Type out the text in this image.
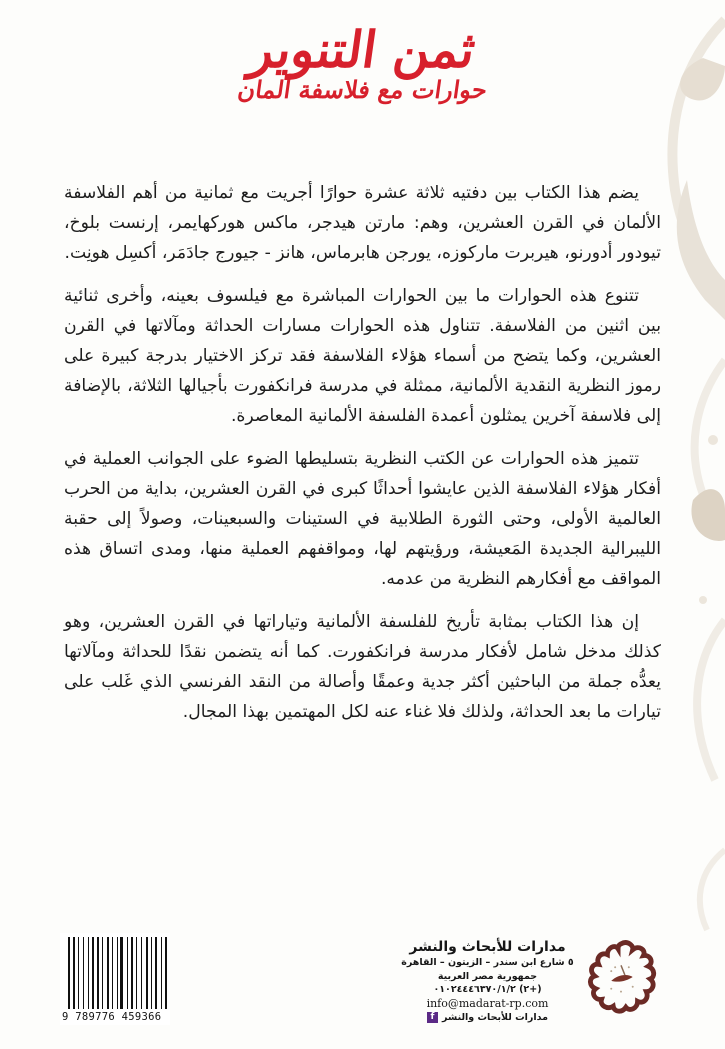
ثمن التنوير
حوارات مع فلاسفة ألمان

يضم هذا الكتاب بين دفتيه ثلاثة عشرة حوارًا أجريت مع ثمانية من أهم الفلاسفة الألمان في القرن العشرين، وهم: مارتن هيدجر، ماكس هوركهايمر، إرنست بلوخ، تيودور أدورنو، هيربرت ماركوزه، يورجن هابرماس، هانز - جيورج جادَمَر، أكسِل هونِت.

تتنوع هذه الحوارات ما بين الحوارات المباشرة مع فيلسوف بعينه، وأخرى ثنائية بين اثنين من الفلاسفة. تتناول هذه الحوارات مسارات الحداثة ومآلاتها في القرن العشرين، وكما يتضح من أسماء هؤلاء الفلاسفة فقد تركز الاختيار بدرجة كبيرة على رموز النظرية النقدية الألمانية، ممثلة في مدرسة فرانكفورت بأجيالها الثلاثة، بالإضافة إلى فلاسفة آخرين يمثلون أعمدة الفلسفة الألمانية المعاصرة.

تتميز هذه الحوارات عن الكتب النظرية بتسليطها الضوء على الجوانب العملية في أفكار هؤلاء الفلاسفة الذين عايشوا أحداثًا كبرى في القرن العشرين، بداية من الحرب العالمية الأولى، وحتى الثورة الطلابية في الستينات والسبعينات، وصولاً إلى حقبة الليبرالية الجديدة المَعيشة، ورؤيتهم لها، ومواقفهم العملية منها، ومدى اتساق هذه المواقف مع أفكارهم النظرية من عدمه.

إن هذا الكتاب بمثابة تأريخ للفلسفة الألمانية وتياراتها في القرن العشرين، وهو كذلك مدخل شامل لأفكار مدرسة فرانكفورت. كما أنه يتضمن نقدًا للحداثة ومآلاتها يعدُّه جملة من الباحثين أكثر جدية وعمقًا وأصالة من النقد الفرنسي الذي غَلب على تيارات ما بعد الحداثة، ولذلك فلا غناء عنه لكل المهتمين بهذا المجال.

9 789776 459366
مدارات للأبحاث والنشر
٥ شارع ابن سندر – الزيتون – القاهرة
جمهورية مصر العربية
(+٢) ٠١٠٢٤٤٤٦٣٧٠/١/٢
info@madarat-rp.com
مدارات للأبحاث والنشر
f
